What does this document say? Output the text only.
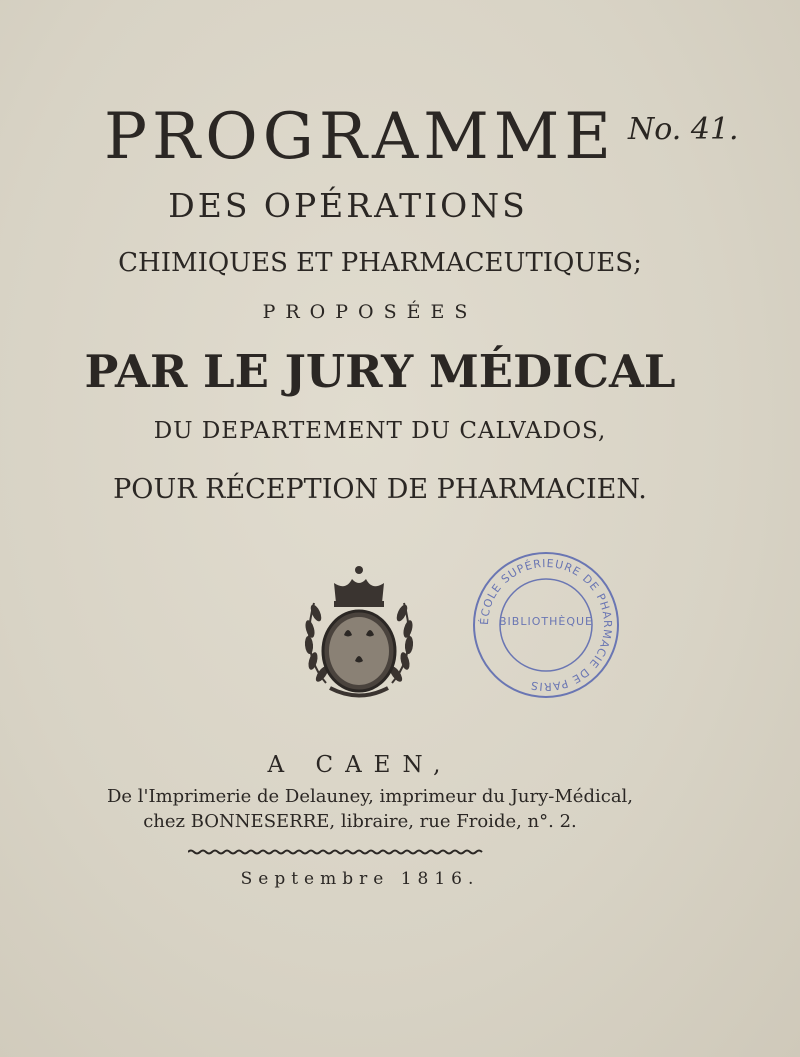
PROGRAMME No. 41.
DES OPÉRATIONS
CHIMIQUES ET PHARMACEUTIQUES;
PROPOSÉES
PAR LE JURY MÉDICAL
DU DEPARTEMENT DU CALVADOS,
POUR RÉCEPTION DE PHARMACIEN.
ÉCOLE SUPÉRIEURE DE PHARMACIE DE PARIS
BIBLIOTHÈQUE
A CAEN,
De l'Imprimerie de Delauney, imprimeur du Jury-Médical,
chez BONNESERRE, libraire, rue Froide, n°. 2.
Septembre 1816.
